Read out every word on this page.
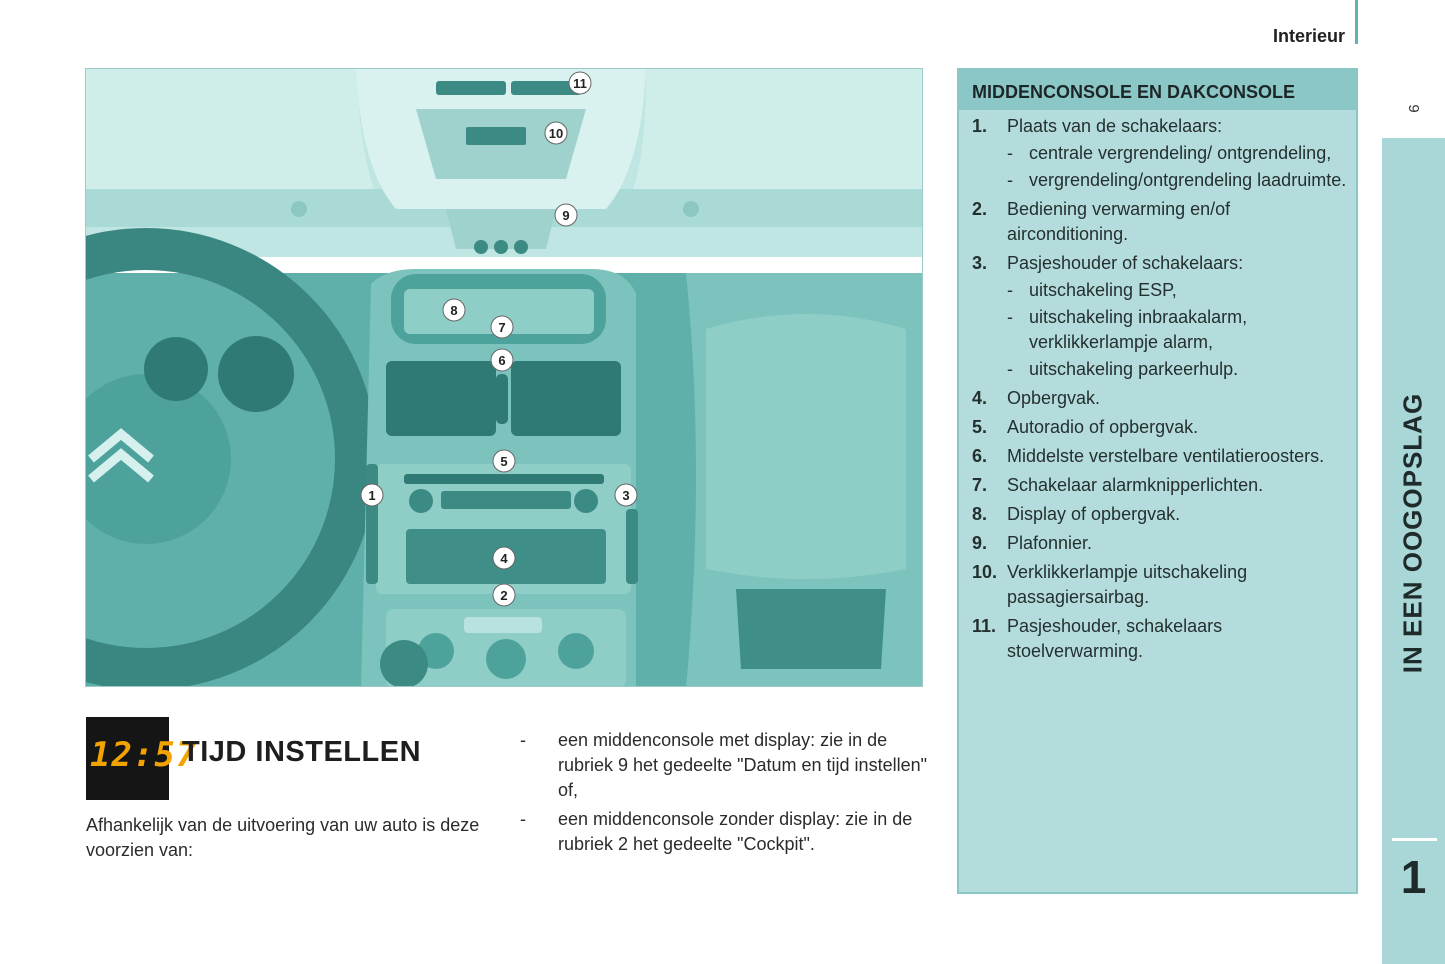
Interieur
9
IN EEN OOGOPSLAG
1
11
10
9
8
7
6
5
1	3
4
2
MIDDENCONSOLE EN DAKCONSOLE
1. Plaats van de schakelaars:
- centrale vergrendeling/ ontgrendeling,
- vergrendeling/ontgrendeling laadruimte.
2. Bediening verwarming en/of airconditioning.
3. Pasjeshouder of schakelaars:
- uitschakeling ESP,
- uitschakeling inbraakalarm, verklikkerlampje alarm,
- uitschakeling parkeerhulp.
4. Opbergvak.
5. Autoradio of opbergvak.
6. Middelste verstelbare ventilatieroosters.
7. Schakelaar alarmknipperlichten.
8. Display of opbergvak.
9. Plafonnier.
10. Verklikkerlampje uitschakeling passagiersairbag.
11. Pasjeshouder, schakelaars stoelverwarming.
12:57
TIJD INSTELLEN
Afhankelijk van de uitvoering van uw auto is deze voorzien van:
- een middenconsole met display: zie in de rubriek 9 het gedeelte "Datum en tijd instellen" of,
- een middenconsole zonder display: zie in de rubriek 2 het gedeelte "Cockpit".
